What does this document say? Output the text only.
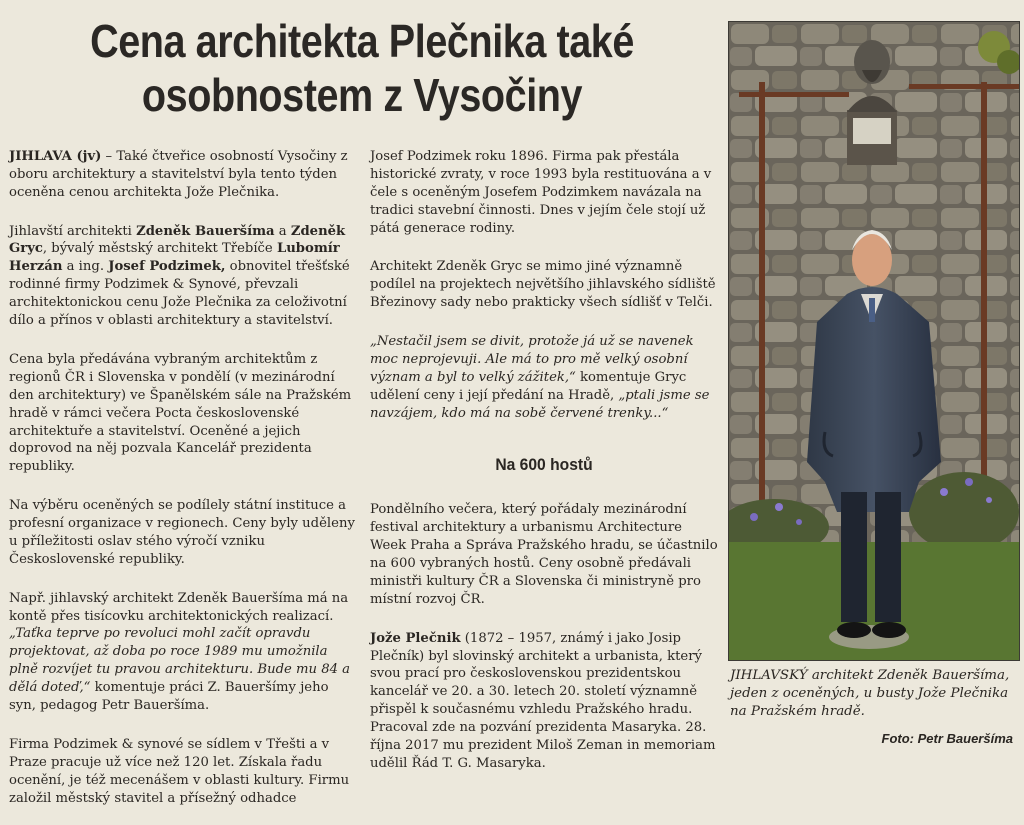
Cena architekta Plečnika také osobnostem z Vysočiny

JIHLAVA (jv) – Také čtveřice osobností Vysočiny z oboru architektury a stavitelství byla tento týden oceněna cenou architekta Jože Plečnika.

Jihlavští architekti Zdeněk Baueršíma a Zdeněk Gryc, bývalý městský architekt Třebíče Lubomír Herzán a ing. Josef Podzimek, obnovitel třešťské rodinné firmy Podzimek & Synové, převzali architektonickou cenu Jože Plečnika za celoživotní dílo a přínos v oblasti architektury a stavitelství.

Cena byla předávána vybraným architektům z regionů ČR i Slovenska v pondělí (v mezinárodní den architektury) ve Španělském sále na Pražském hradě v rámci večera Pocta československé architektuře a stavitelství. Oceněné a jejich doprovod na něj pozvala Kancelář prezidenta republiky.

Na výběru oceněných se podílely státní instituce a profesní organizace v regionech. Ceny byly uděleny u příležitosti oslav stého výročí vzniku Československé republiky.

Např. jihlavský architekt Zdeněk Baueršíma má na kontě přes tisícovku architektonických realizací. „Taťka teprve po revoluci mohl začít opravdu projektovat, až doba po roce 1989 mu umožnila plně rozvíjet tu pravou architekturu. Bude mu 84 a dělá doteď,“ komentuje práci Z. Baueršímy jeho syn, pedagog Petr Baueršíma.

Firma Podzimek & synové se sídlem v Třešti a v Praze pracuje už více než 120 let. Získala řadu ocenění, je též mecenášem v oblasti kultury. Firmu založil městský stavitel a přísežný odhadce

Josef Podzimek roku 1896. Firma pak přestála historické zvraty, v roce 1993 byla restituována a v čele s oceněným Josefem Podzimkem navázala na tradici stavební činnosti. Dnes v jejím čele stojí už pátá generace rodiny.

Architekt Zdeněk Gryc se mimo jiné významně podílel na projektech největšího jihlavského sídliště Březinovy sady nebo prakticky všech sídlišť v Telči.

„Nestačil jsem se divit, protože já už se navenek moc neprojevuji. Ale má to pro mě velký osobní význam a byl to velký zážitek,“ komentuje Gryc udělení ceny i její předání na Hradě, „ptali jsme se navzájem, kdo má na sobě červené trenky...“

Na 600 hostů

Pondělního večera, který pořádaly mezinárodní festival architektury a urbanismu Architecture Week Praha a Správa Pražského hradu, se účastnilo na 600 vybraných hostů. Ceny osobně předávali ministři kultury ČR a Slovenska či ministryně pro místní rozvoj ČR.

Jože Plečnik (1872 – 1957, známý i jako Josip Plečník) byl slovinský architekt a urbanista, který svou prací pro československou prezidentskou kancelář ve 20. a 30. letech 20. století významně přispěl k současnému vzhledu Pražského hradu. Pracoval zde na pozvání prezidenta Masaryka. 28. října 2017 mu prezident Miloš Zeman in memoriam udělil Řád T. G. Masaryka.

JIHLAVSKÝ architekt Zdeněk Baueršíma, jeden z oceněných, u busty Jože Plečnika na Pražském hradě.
Foto: Petr Baueršíma
